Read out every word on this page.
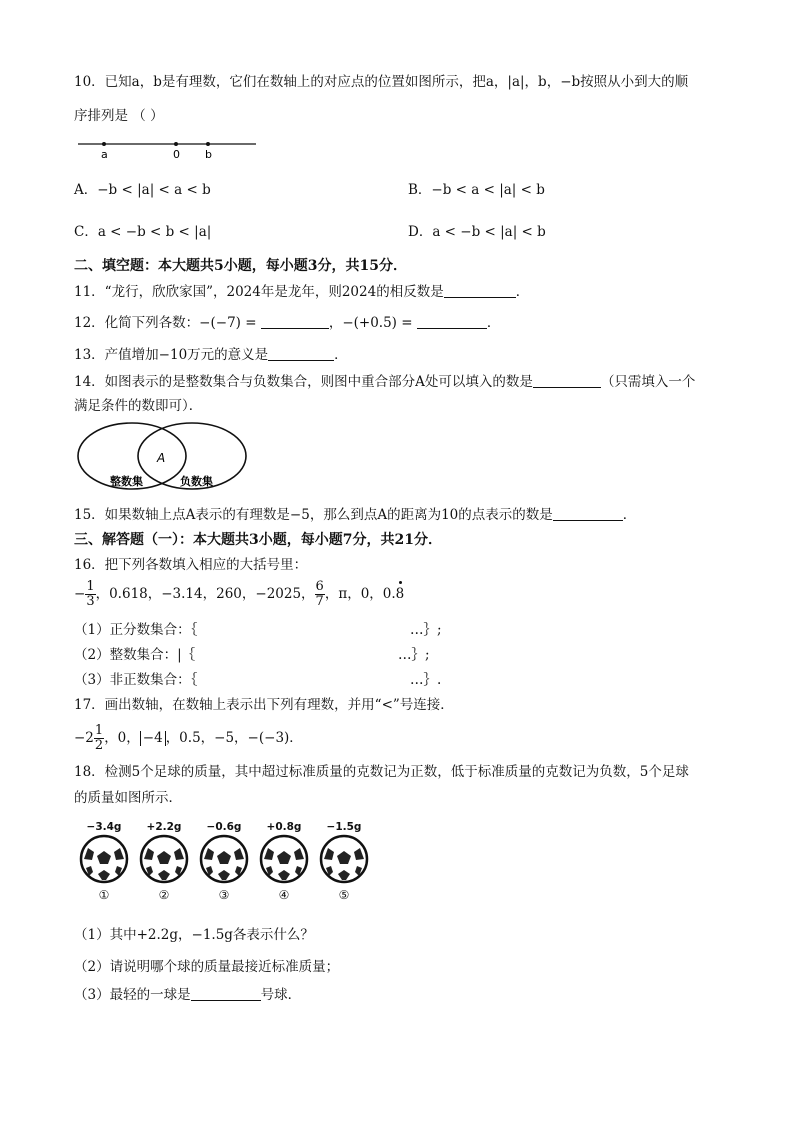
10．已知a，b是有理数，它们在数轴上的对应点的位置如图所示，把a，|a|，b，−b按照从小到大的顺
序排列是 （ ）
a	0 b
A．−b < |a| < a < b	B．−b < a < |a| < b
C．a < −b < b < |a|	D．a < −b < |a| < b
二、填空题：本大题共5小题，每小题3分，共15分．
11．“龙行，欣欣家国”，2024年是龙年，则2024的相反数是	．
12．化简下列各数：−(−7) =	，−(+0.5) =	．
13．产值增加−10万元的意义是	．
14．如图表示的是整数集合与负数集合，则图中重合部分A处可以填入的数是	（只需填入一个
满足条件的数即可）．
A
整数集	负数集
15．如果数轴上点A表示的有理数是−5，那么到点A的距离为10的点表示的数是	．
三、解答题（一）：本大题共3小题，每小题7分，共21分．
16．把下列各数填入相应的大括号里：
− $\frac{1}{3}$ ，0.618，−3.14，260，−2025， $\frac{6}{7}$ ，π，0，0.8
（1）正分数集合：｛	…｝;
（2）整数集合：|｛	…｝;
（3）非正数集合：｛	…｝.
17．画出数轴，在数轴上表示出下列有理数，并用“<”号连接．
$-2 \frac{1}{2}$ ，0， −4 ，0.5，−5，−(−3)．
18．检测5个足球的质量，其中超过标准质量的克数记为正数，低于标准质量的克数记为负数，5个足球
的质量如图所示．
−3.4g
①
+2.2g
②
−0.6g
③
+0.8g
④
−1.5g
⑤
（1）其中+2.2g，−1.5g各表示什么？
（2）请说明哪个球的质量最接近标准质量；
（3）最轻的一球是	号球．
